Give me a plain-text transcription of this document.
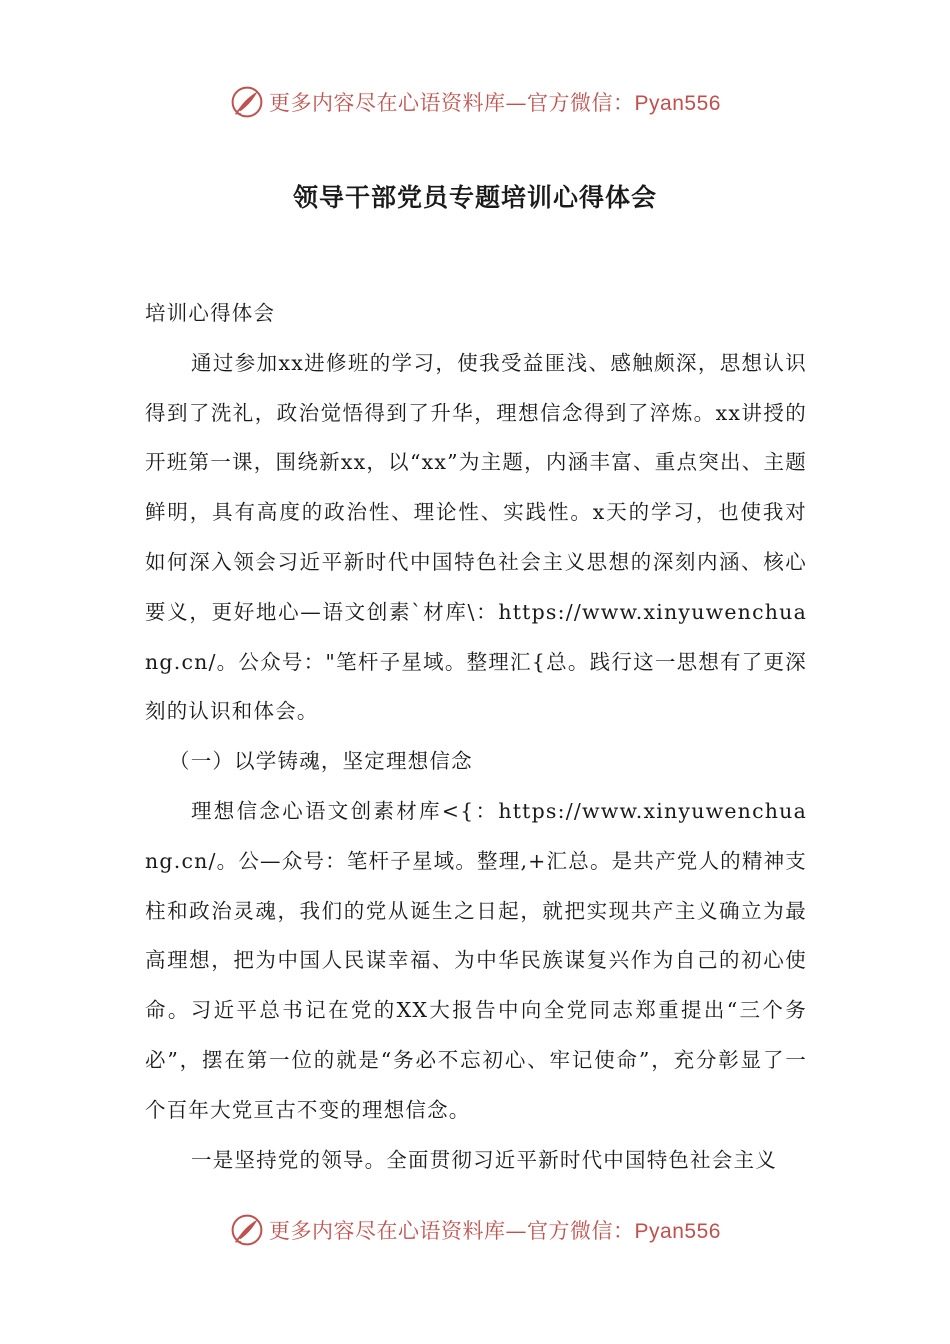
更多内容尽在心语资料库—官方微信：Pyan556
领导干部党员专题培训心得体会

培训心得体会

通过参加xx进修班的学习，使我受益匪浅、感触颇深，思想认识得到了洗礼，政治觉悟得到了升华，理想信念得到了淬炼。xx讲授的开班第一课，围绕新xx，以“xx”为主题，内涵丰富、重点突出、主题鲜明，具有高度的政治性、理论性、实践性。x天的学习，也使我对如何深入领会习近平新时代中国特色社会主义思想的深刻内涵、核心要义，更好地心—语文创素`材库\：https://www.xinyuwenchuang.cn/。公众号："笔杆子星域。整理汇{总。践行这一思想有了更深刻的认识和体会。

（一）以学铸魂，坚定理想信念

理想信念心语文创素材库<{：https://www.xinyuwenchuang.cn/。公—众号：笔杆子星域。整理,+汇总。是共产党人的精神支柱和政治灵魂，我们的党从诞生之日起，就把实现共产主义确立为最高理想，把为中国人民谋幸福、为中华民族谋复兴作为自己的初心使命。习近平总书记在党的XX大报告中向全党同志郑重提出“三个务必”，摆在第一位的就是“务必不忘初心、牢记使命”，充分彰显了一个百年大党亘古不变的理想信念。

一是坚持党的领导。全面贯彻习近平新时代中国特色社会主义

更多内容尽在心语资料库—官方微信：Pyan556
